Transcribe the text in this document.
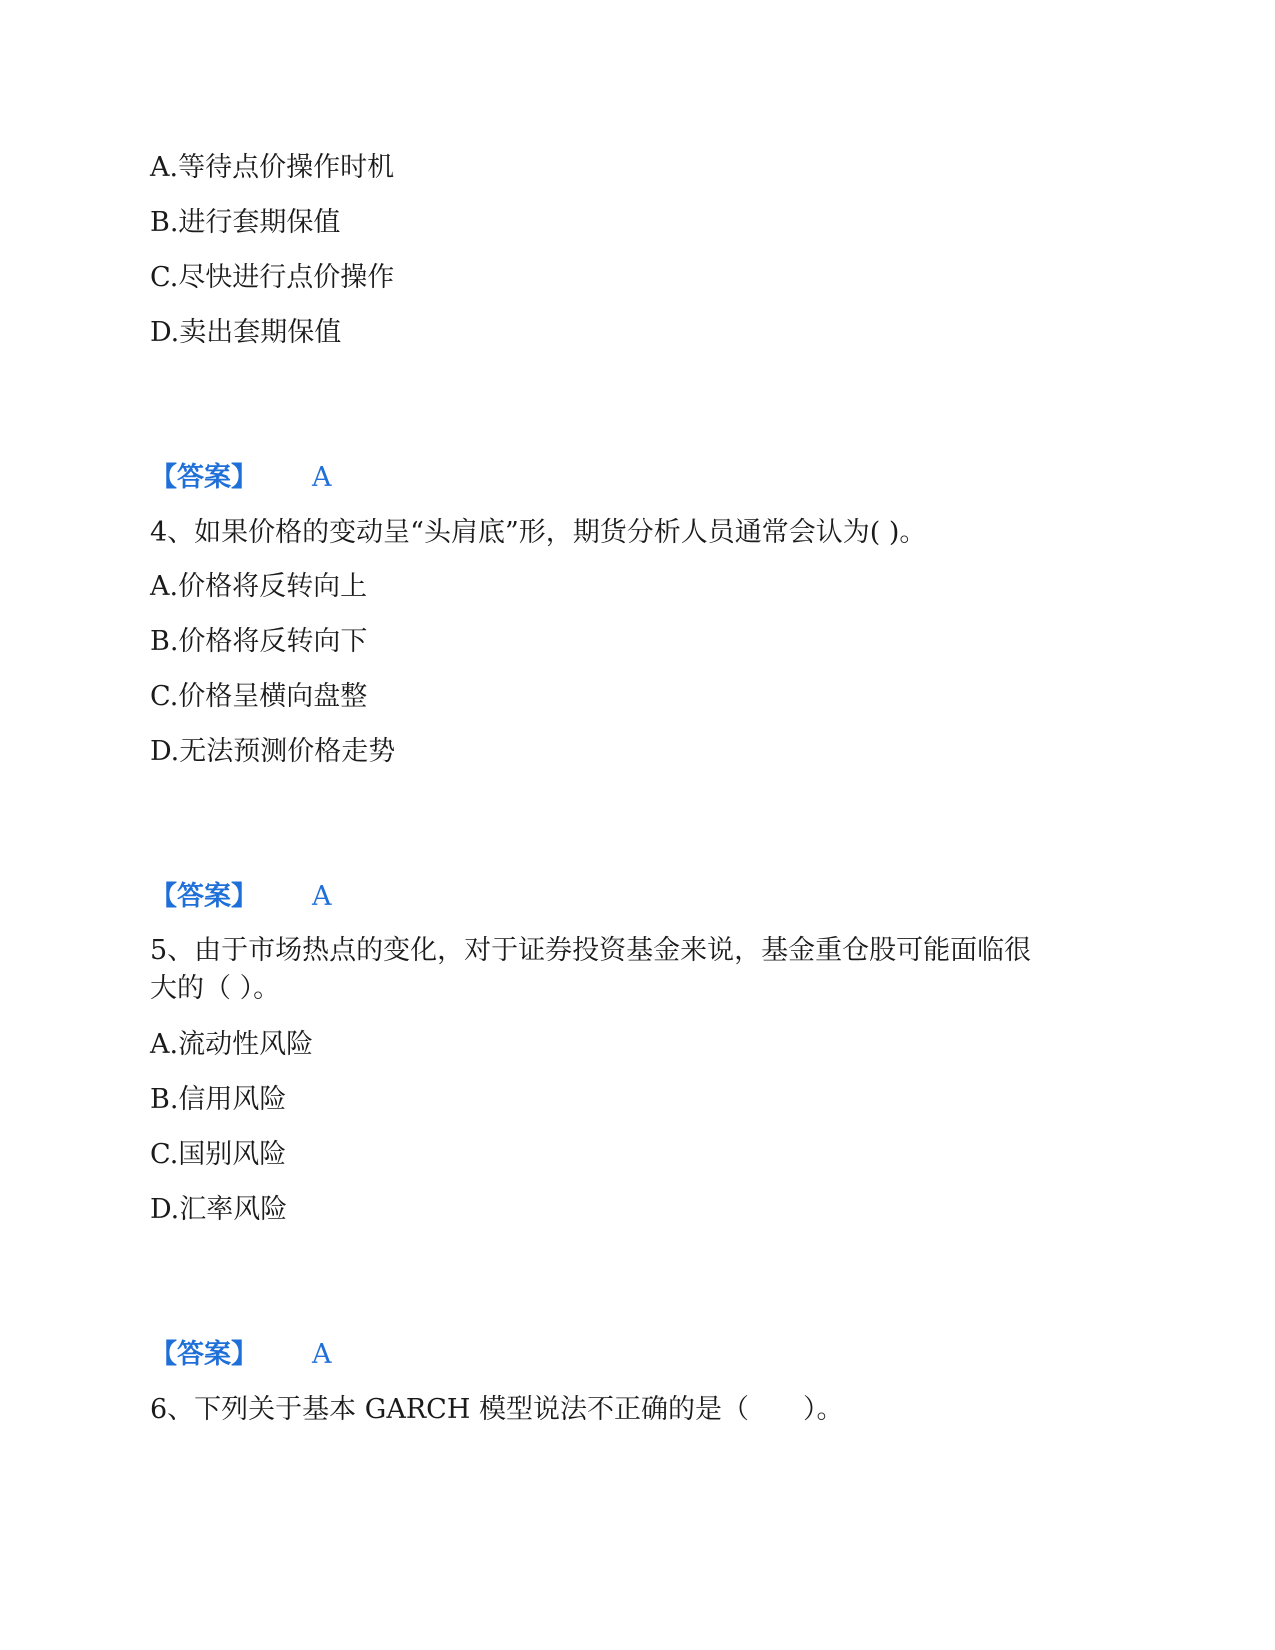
A.等待点价操作时机
B.进行套期保值
C.尽快进行点价操作
D.卖出套期保值
【答案】 A
4、如果价格的变动呈“头肩底”形，期货分析人员通常会认为( )。
A.价格将反转向上
B.价格将反转向下
C.价格呈横向盘整
D.无法预测价格走势
【答案】 A
5、由于市场热点的变化，对于证券投资基金来说，基金重仓股可能面临很
大的（ ）。
A.流动性风险
B.信用风险
C.国别风险
D.汇率风险
【答案】 A
6、下列关于基本 GARCH 模型说法不正确的是（　　）。
